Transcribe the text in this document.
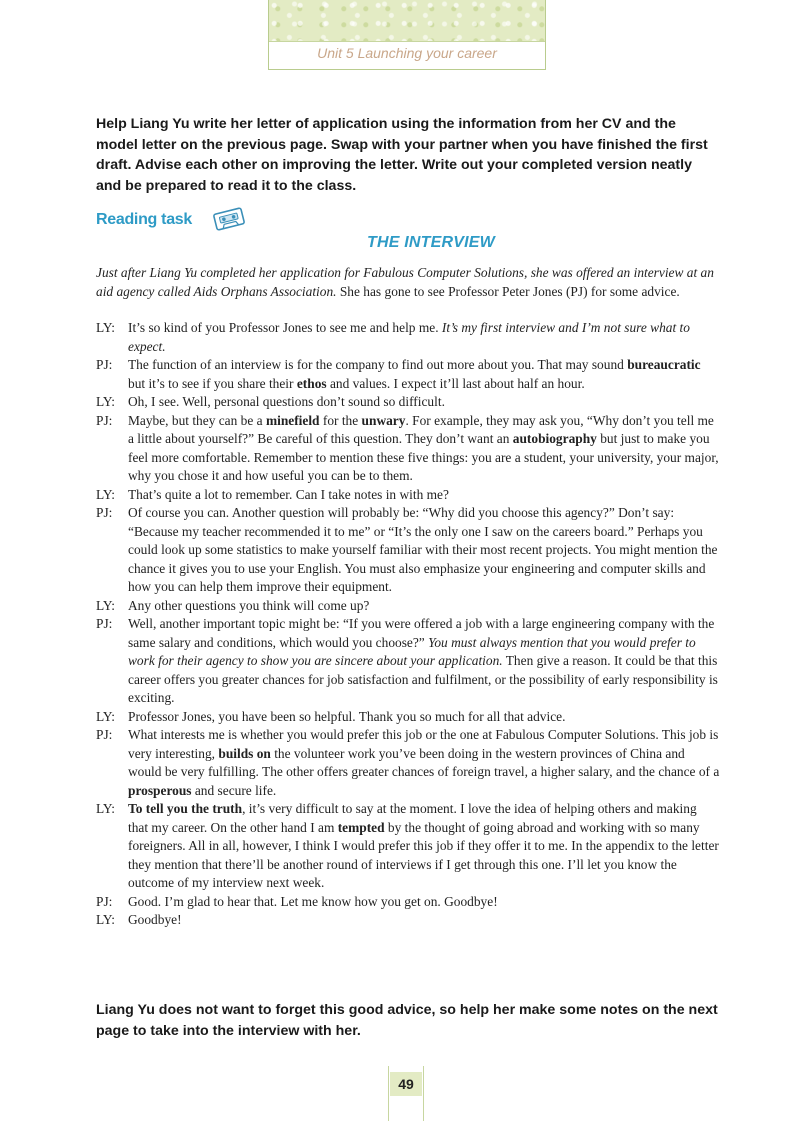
Unit 5 Launching your career

Help Liang Yu write her letter of application using the information from her CV and the model letter on the previous page. Swap with your partner when you have finished the first draft. Advise each other on improving the letter. Write out your completed version neatly and be prepared to read it to the class.

Reading task
THE INTERVIEW

Just after Liang Yu completed her application for Fabulous Computer Solutions, she was offered an interview at an aid agency called Aids Orphans Association. She has gone to see Professor Peter Jones (PJ) for some advice.

LY: It’s so kind of you Professor Jones to see me and help me. It’s my first interview and I’m not sure what to expect.

PJ: The function of an interview is for the company to find out more about you. That may sound bureaucratic but it’s to see if you share their ethos and values. I expect it’ll last about half an hour.

LY: Oh, I see. Well, personal questions don’t sound so difficult.

PJ: Maybe, but they can be a minefield for the unwary. For example, they may ask you, “Why don’t you tell me a little about yourself?” Be careful of this question. They don’t want an autobiography but just to make you feel more comfortable. Remember to mention these five things: you are a student, your university, your major, why you chose it and how useful you can be to them.

LY: That’s quite a lot to remember. Can I take notes in with me?

PJ: Of course you can. Another question will probably be: “Why did you choose this agency?” Don’t say: “Because my teacher recommended it to me” or “It’s the only one I saw on the careers board.” Perhaps you could look up some statistics to make yourself familiar with their most recent projects. You might mention the chance it gives you to use your English. You must also emphasize your engineering and computer skills and how you can help them improve their equipment.

LY: Any other questions you think will come up?

PJ: Well, another important topic might be: “If you were offered a job with a large engineering company with the same salary and conditions, which would you choose?” You must always mention that you would prefer to work for their agency to show you are sincere about your application. Then give a reason. It could be that this career offers you greater chances for job satisfaction and fulfilment, or the possibility of early responsibility is exciting.

LY: Professor Jones, you have been so helpful. Thank you so much for all that advice.

PJ: What interests me is whether you would prefer this job or the one at Fabulous Computer Solutions. This job is very interesting, builds on the volunteer work you’ve been doing in the western provinces of China and would be very fulfilling. The other offers greater chances of foreign travel, a higher salary, and the chance of a prosperous and secure life.

LY: To tell you the truth, it’s very difficult to say at the moment. I love the idea of helping others and making that my career. On the other hand I am tempted by the thought of going abroad and working with so many foreigners. All in all, however, I think I would prefer this job if they offer it to me. In the appendix to the letter they mention that there’ll be another round of interviews if I get through this one. I’ll let you know the outcome of my interview next week.

PJ: Good. I’m glad to hear that. Let me know how you get on. Goodbye!

LY: Goodbye!

Liang Yu does not want to forget this good advice, so help her make some notes on the next page to take into the interview with her.

49
